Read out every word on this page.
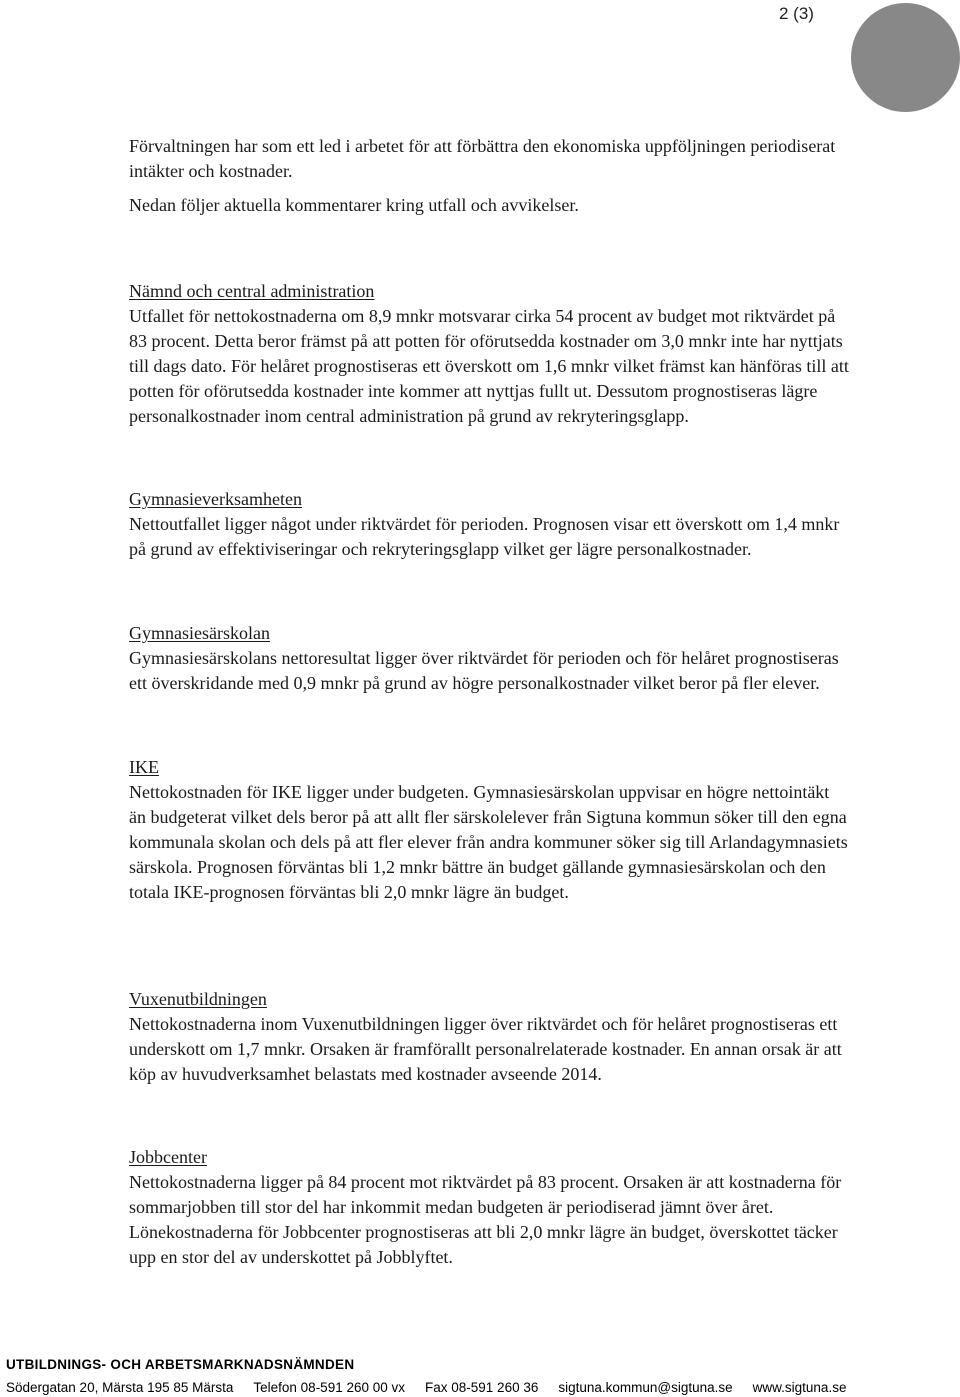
2 (3)

Förvaltningen har som ett led i arbetet för att förbättra den ekonomiska uppföljningen periodiserat intäkter och kostnader.

Nedan följer aktuella kommentarer kring utfall och avvikelser.

Nämnd och central administration

Utfallet för nettokostnaderna om 8,9 mnkr motsvarar cirka 54 procent av budget mot riktvärdet på 83 procent. Detta beror främst på att potten för oförutsedda kostnader om 3,0 mnkr inte har nyttjats till dags dato. För helåret prognostiseras ett överskott om 1,6 mnkr vilket främst kan hänföras till att potten för oförutsedda kostnader inte kommer att nyttjas fullt ut. Dessutom prognostiseras lägre personalkostnader inom central administration på grund av rekryteringsglapp.

Gymnasieverksamheten

Nettoutfallet ligger något under riktvärdet för perioden. Prognosen visar ett överskott om 1,4 mnkr på grund av effektiviseringar och rekryteringsglapp vilket ger lägre personalkostnader.

Gymnasiesärskolan

Gymnasiesärskolans nettoresultat ligger över riktvärdet för perioden och för helåret prognostiseras ett överskridande med 0,9 mnkr på grund av högre personalkostnader vilket beror på fler elever.

IKE

Nettokostnaden för IKE ligger under budgeten. Gymnasiesärskolan uppvisar en högre nettointäkt än budgeterat vilket dels beror på att allt fler särskolelever från Sigtuna kommun söker till den egna kommunala skolan och dels på att fler elever från andra kommuner söker sig till Arlandagymnasiets särskola. Prognosen förväntas bli 1,2 mnkr bättre än budget gällande gymnasiesärskolan och den totala IKE-prognosen förväntas bli 2,0 mnkr lägre än budget.

Vuxenutbildningen

Nettokostnaderna inom Vuxenutbildningen ligger över riktvärdet och för helåret prognostiseras ett underskott om 1,7 mnkr. Orsaken är framförallt personalrelaterade kostnader. En annan orsak är att köp av huvudverksamhet belastats med kostnader avseende 2014.

Jobbcenter

Nettokostnaderna ligger på 84 procent mot riktvärdet på 83 procent. Orsaken är att kostnaderna för sommarjobben till stor del har inkommit medan budgeten är periodiserad jämnt över året. Lönekostnaderna för Jobbcenter prognostiseras att bli 2,0 mnkr lägre än budget, överskottet täcker upp en stor del av underskottet på Jobblyftet.

UTBILDNINGS- OCH ARBETSMARKNADSNÄMNDEN
Södergatan 20, Märsta 195 85 Märsta Telefon 08-591 260 00 vx Fax 08-591 260 36 sigtuna.kommun@sigtuna.se www.sigtuna.se
